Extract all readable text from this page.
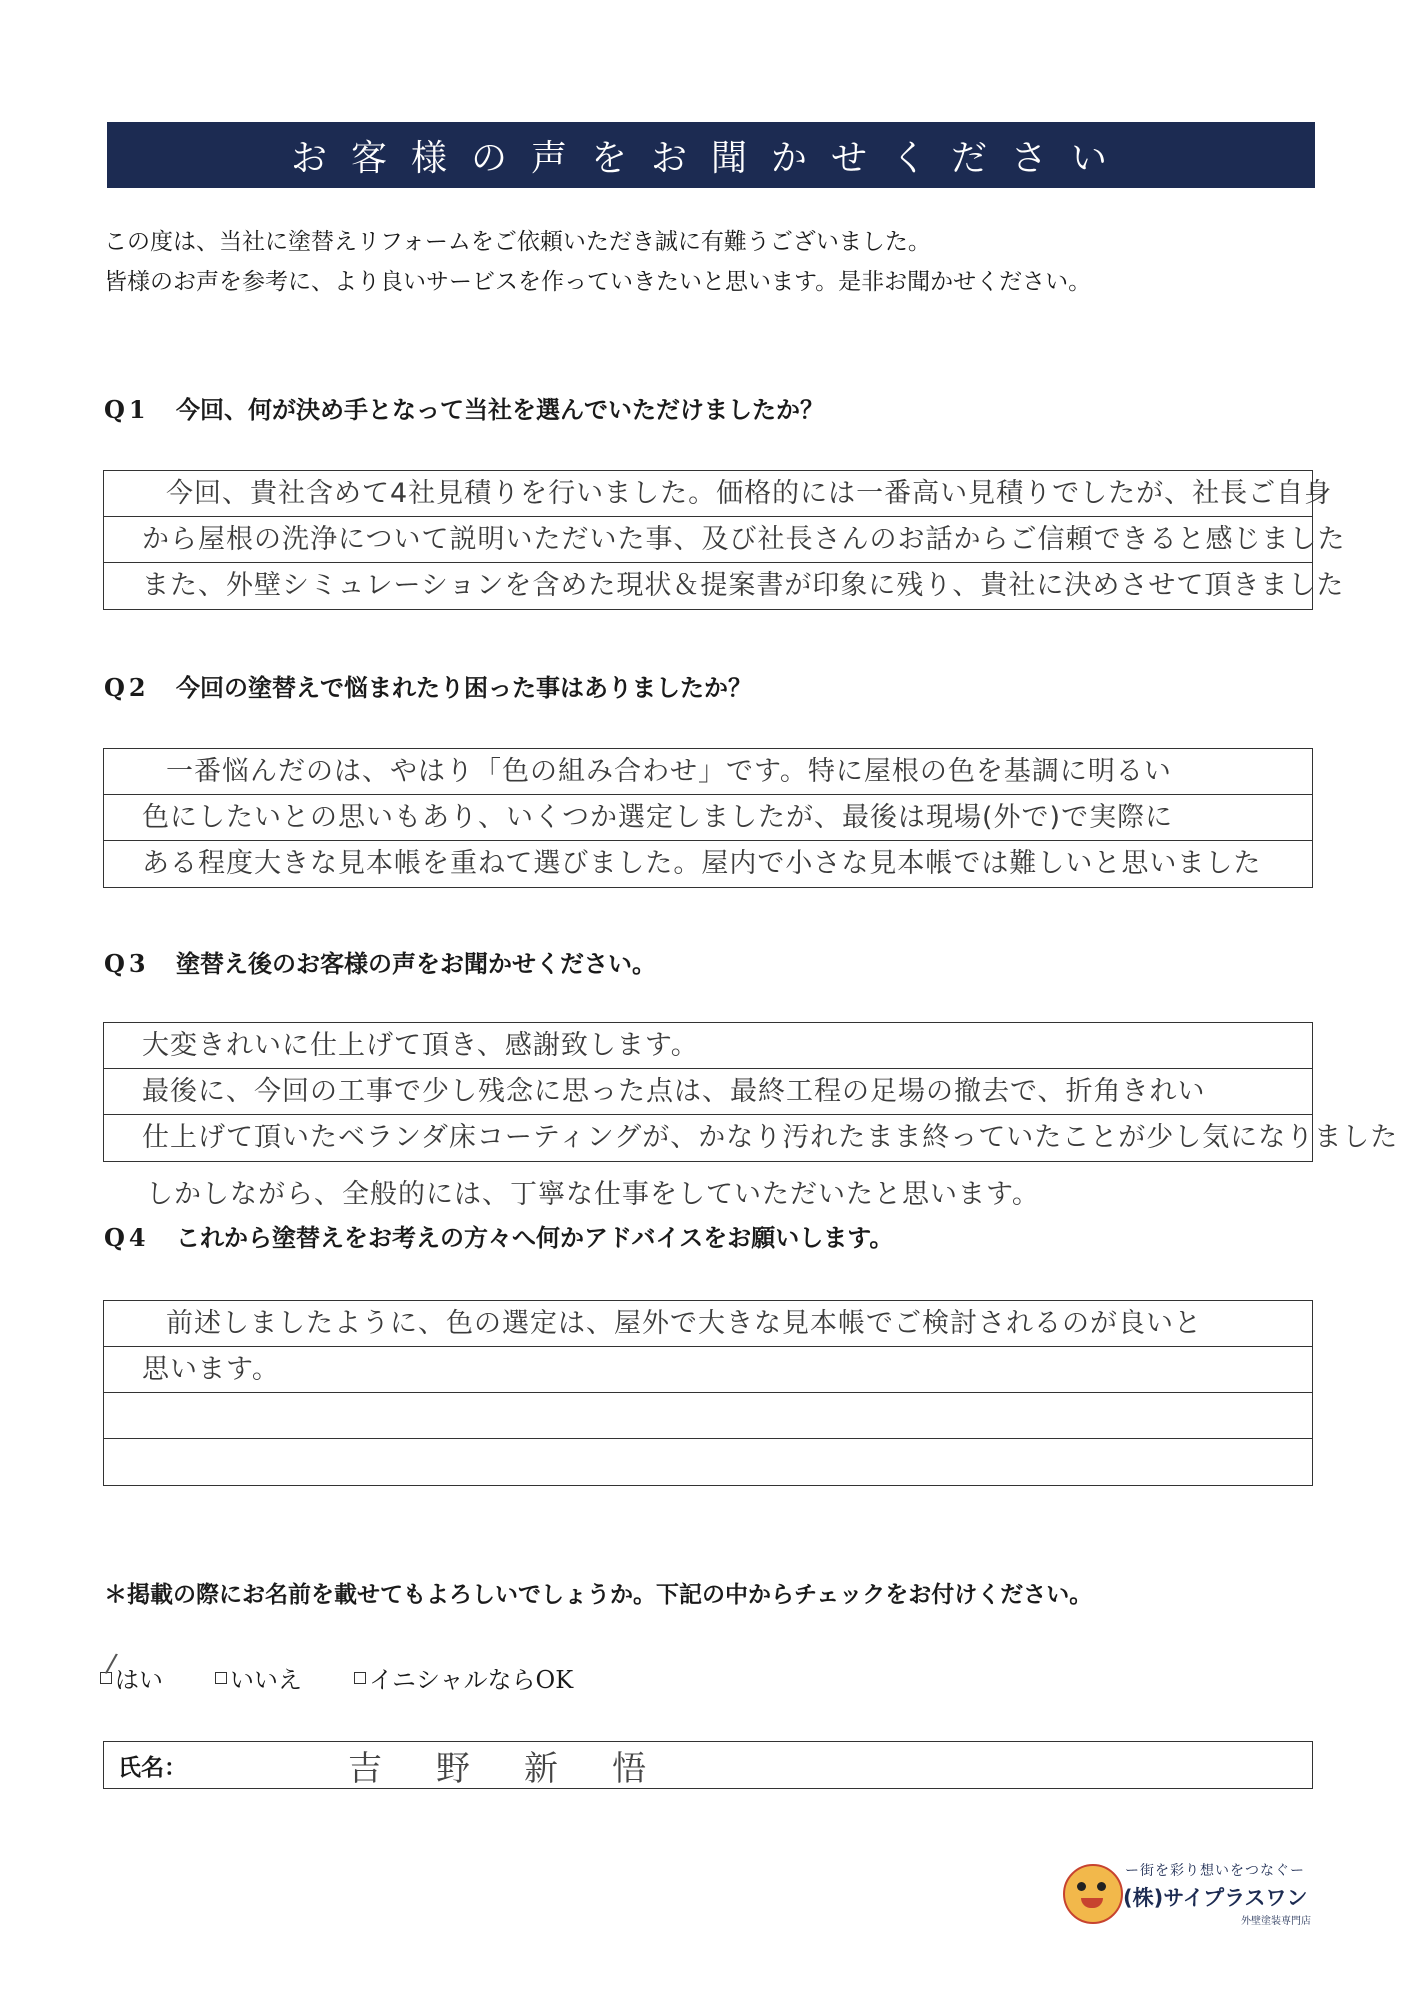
お客様の声をお聞かせください
この度は、当社に塗替えリフォームをご依頼いただき誠に有難うございました。
皆様のお声を参考に、より良いサービスを作っていきたいと思います。是非お聞かせください。
Q1 今回、何が決め手となって当社を選んでいただけましたか？
今回、貴社含めて4社見積りを行いました。価格的には一番高い見積りでしたが、社長ご自身
から屋根の洗浄について説明いただいた事、及び社長さんのお話からご信頼できると感じました
また、外壁シミュレーションを含めた現状＆提案書が印象に残り、貴社に決めさせて頂きました
Q2 今回の塗替えで悩まれたり困った事はありましたか？
一番悩んだのは、やはり「色の組み合わせ」です。特に屋根の色を基調に明るい
色にしたいとの思いもあり、いくつか選定しましたが、最後は現場(外で)で実際に
ある程度大きな見本帳を重ねて選びました。屋内で小さな見本帳では難しいと思いました
Q3 塗替え後のお客様の声をお聞かせください。
大変きれいに仕上げて頂き、感謝致します。
最後に、今回の工事で少し残念に思った点は、最終工程の足場の撤去で、折角きれい
仕上げて頂いたベランダ床コーティングが、かなり汚れたまま終っていたことが少し気になりました
しかしながら、全般的には、丁寧な仕事をしていただいたと思います。
Q4 これから塗替えをお考えの方々へ何かアドバイスをお願いします。
前述しましたように、色の選定は、屋外で大きな見本帳でご検討されるのが良いと
思います。
＊掲載の際にお名前を載せてもよろしいでしょうか。下記の中からチェックをお付けください。
/
はい	いいえ	イニシャルならOK
氏名：	吉野新悟
ー街を彩り想いをつなぐー
(株)サイプラスワン
外壁塗装専門店
